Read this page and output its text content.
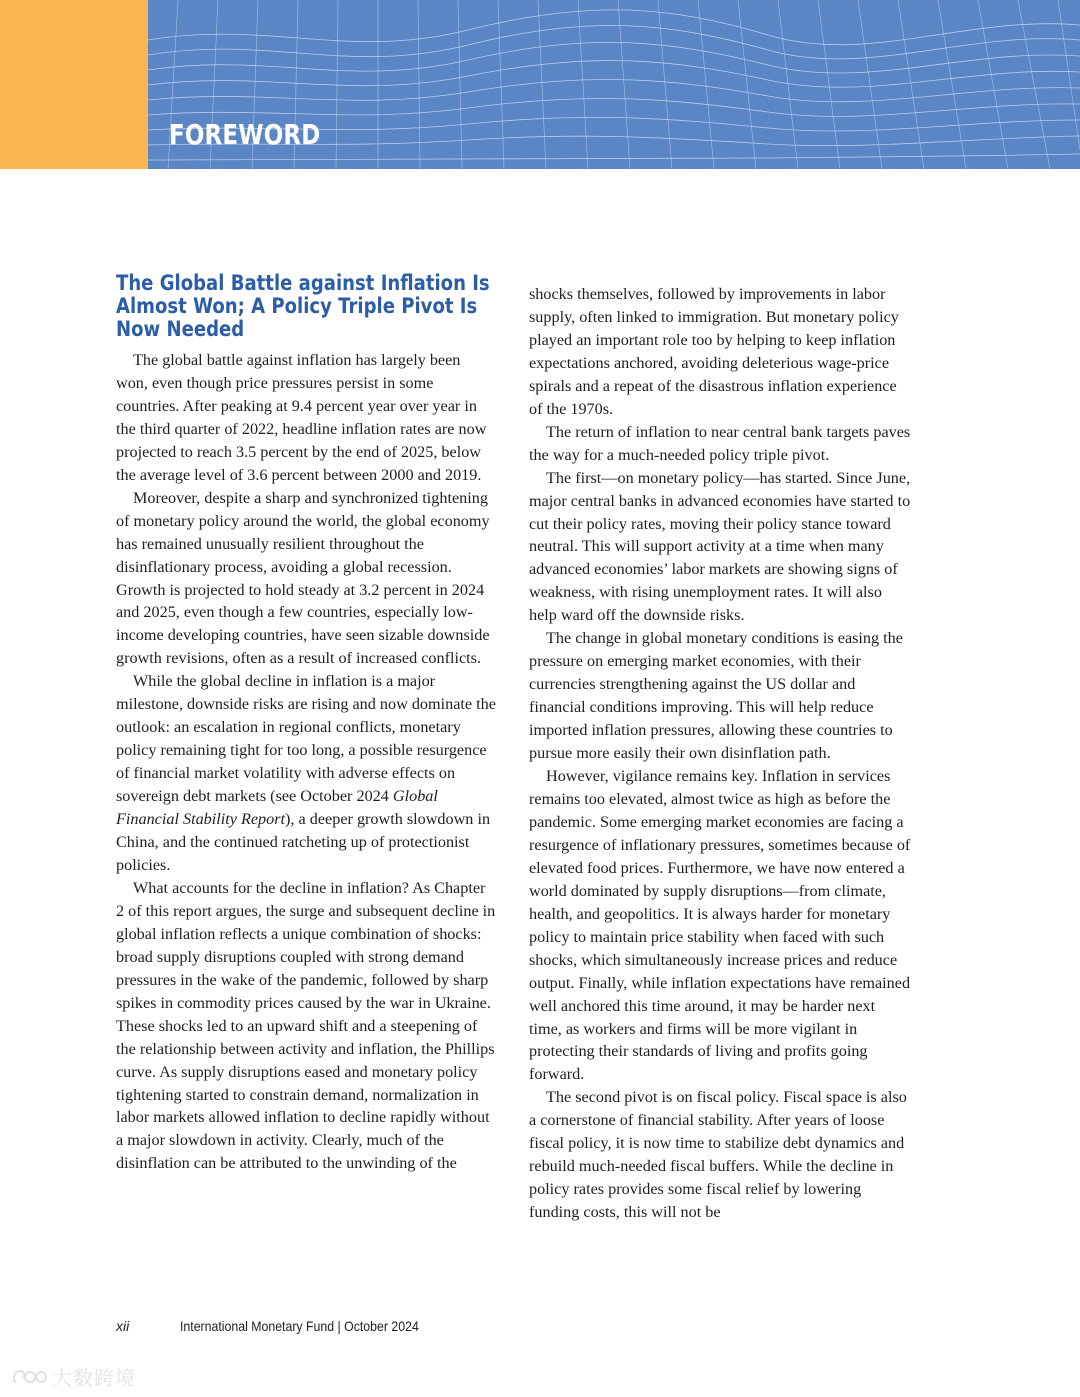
FOREWORD
The Global Battle against Inflation Is Almost Won; A Policy Triple Pivot Is Now Needed

The global battle against inflation has largely been won, even though price pressures persist in some countries. After peaking at 9.4 percent year over year in the third quarter of 2022, headline inflation rates are now projected to reach 3.5 percent by the end of 2025, below the average level of 3.6 percent between 2000 and 2019.

Moreover, despite a sharp and synchronized tightening of monetary policy around the world, the global economy has remained unusually resilient throughout the disinflationary process, avoiding a global recession. Growth is projected to hold steady at 3.2 percent in 2024 and 2025, even though a few countries, especially low-income developing countries, have seen sizable downside growth revisions, often as a result of increased conflicts.

While the global decline in inflation is a major milestone, downside risks are rising and now dominate the outlook: an escalation in regional conflicts, monetary policy remaining tight for too long, a possible resurgence of financial market volatility with adverse effects on sovereign debt markets (see October 2024 Global Financial Stability Report), a deeper growth slowdown in China, and the continued ratcheting up of protectionist policies.

What accounts for the decline in inflation? As Chapter 2 of this report argues, the surge and subsequent decline in global inflation reflects a unique combination of shocks: broad supply disruptions coupled with strong demand pressures in the wake of the pandemic, followed by sharp spikes in commodity prices caused by the war in Ukraine. These shocks led to an upward shift and a steepening of the relationship between activity and inflation, the Phillips curve. As supply disruptions eased and monetary policy tightening started to constrain demand, normalization in labor markets allowed inflation to decline rapidly without a major slowdown in activity. Clearly, much of the disinflation can be attributed to the unwinding of the

shocks themselves, followed by improvements in labor supply, often linked to immigration. But monetary policy played an important role too by helping to keep inflation expectations anchored, avoiding deleterious wage-price spirals and a repeat of the disastrous inflation experience of the 1970s.

The return of inflation to near central bank targets paves the way for a much-needed policy triple pivot.

The first—on monetary policy—has started. Since June, major central banks in advanced economies have started to cut their policy rates, moving their policy stance toward neutral. This will support activity at a time when many advanced economies’ labor markets are showing signs of weakness, with rising unemployment rates. It will also help ward off the downside risks.

The change in global monetary conditions is easing the pressure on emerging market economies, with their currencies strengthening against the US dollar and financial conditions improving. This will help reduce imported inflation pressures, allowing these countries to pursue more easily their own disinflation path.

However, vigilance remains key. Inflation in services remains too elevated, almost twice as high as before the pandemic. Some emerging market economies are facing a resurgence of inflationary pressures, sometimes because of elevated food prices. Furthermore, we have now entered a world dominated by supply disruptions—from climate, health, and geopolitics. It is always harder for monetary policy to maintain price stability when faced with such shocks, which simultaneously increase prices and reduce output. Finally, while inflation expectations have remained well anchored this time around, it may be harder next time, as workers and firms will be more vigilant in protecting their standards of living and profits going forward.

The second pivot is on fiscal policy. Fiscal space is also a cornerstone of financial stability. After years of loose fiscal policy, it is now time to stabilize debt dynamics and rebuild much-needed fiscal buffers. While the decline in policy rates provides some fiscal relief by lowering funding costs, this will not be

xii	International Monetary Fund | October 2024
大数跨境
